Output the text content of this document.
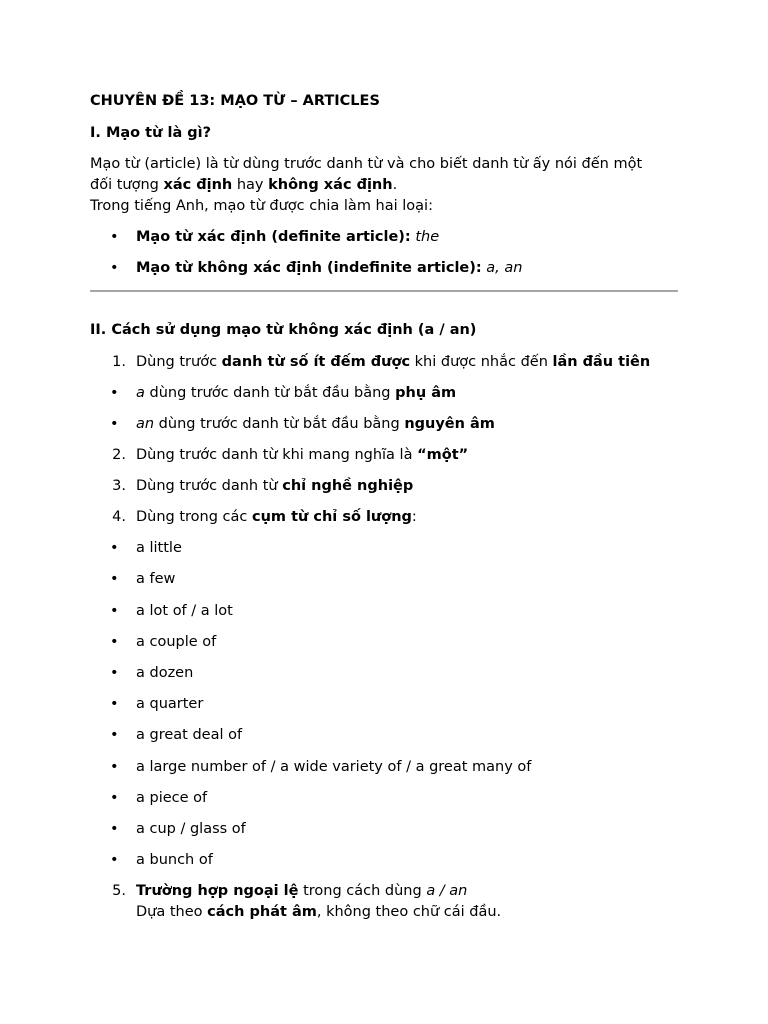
CHUYÊN ĐỀ 13: MẠO TỪ – ARTICLES
I. Mạo từ là gì?
Mạo từ (article) là từ dùng trước danh từ và cho biết danh từ ấy nói đến một
đối tượng xác định hay không xác định.
Trong tiếng Anh, mạo từ được chia làm hai loại:
• Mạo từ xác định (definite article): the
• Mạo từ không xác định (indefinite article): a, an
II. Cách sử dụng mạo từ không xác định (a / an)
1. Dùng trước danh từ số ít đếm được khi được nhắc đến lần đầu tiên
• a dùng trước danh từ bắt đầu bằng phụ âm
• an dùng trước danh từ bắt đầu bằng nguyên âm
2. Dùng trước danh từ khi mang nghĩa là “một”
3. Dùng trước danh từ chỉ nghề nghiệp
4. Dùng trong các cụm từ chỉ số lượng:
• a little
• a few
• a lot of / a lot
• a couple of
• a dozen
• a quarter
• a great deal of
• a large number of / a wide variety of / a great many of
• a piece of
• a cup / glass of
• a bunch of
5. Trường hợp ngoại lệ trong cách dùng a / an
Dựa theo cách phát âm, không theo chữ cái đầu.
